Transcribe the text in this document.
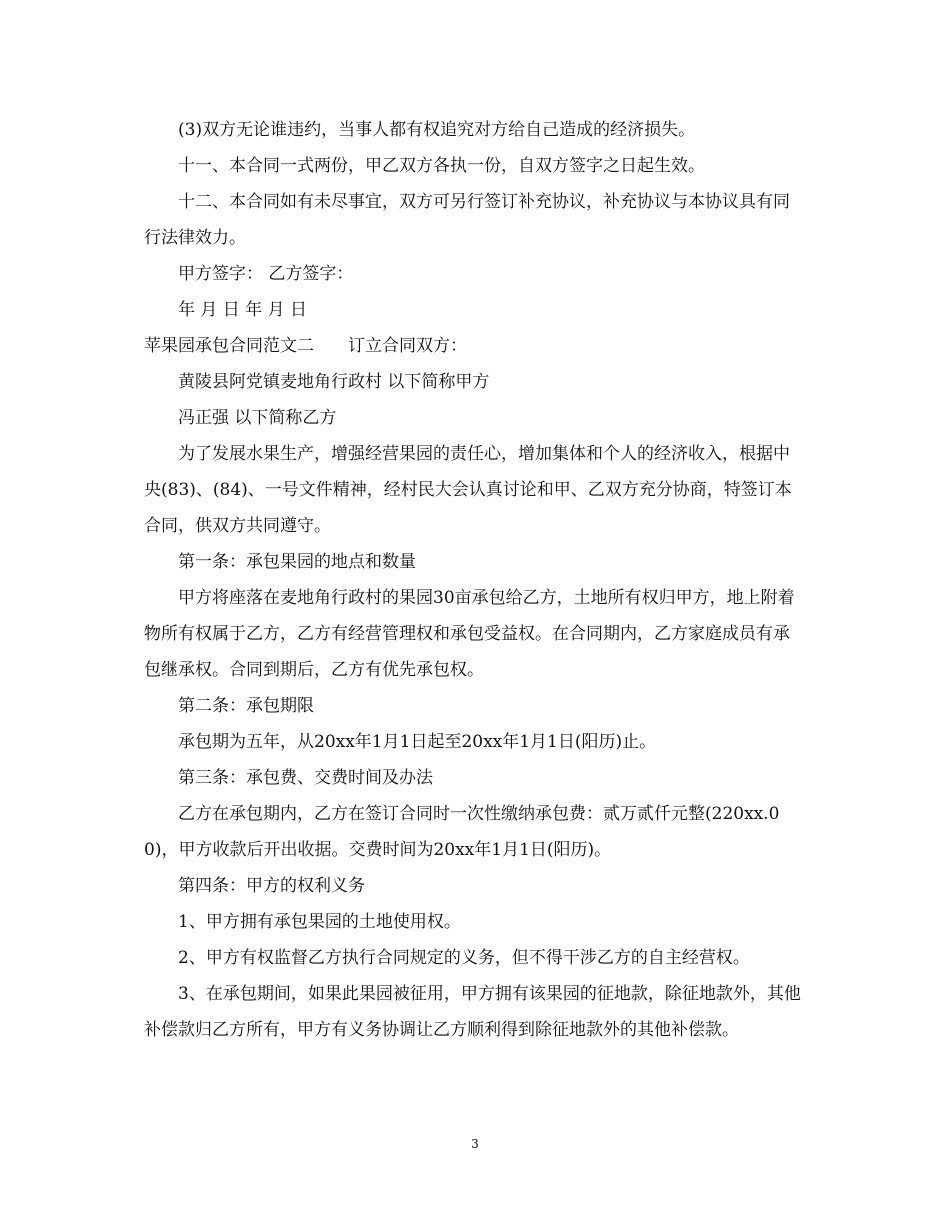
(3)双方无论谁违约，当事人都有权追究对方给自己造成的经济损失。

十一、本合同一式两份，甲乙双方各执一份，自双方签字之日起生效。

十二、本合同如有未尽事宜，双方可另行签订补充协议，补充协议与本协议具有同行法律效力。

甲方签字： 乙方签字：

年 月 日 年 月 日

苹果园承包合同范文二 订立合同双方：

黄陵县阿党镇麦地角行政村 以下简称甲方

冯正强 以下简称乙方

为了发展水果生产，增强经营果园的责任心，增加集体和个人的经济收入，根据中央(83)、(84)、一号文件精神，经村民大会认真讨论和甲、乙双方充分协商，特签订本合同，供双方共同遵守。

第一条：承包果园的地点和数量

甲方将座落在麦地角行政村的果园30亩承包给乙方，土地所有权归甲方，地上附着物所有权属于乙方，乙方有经营管理权和承包受益权。在合同期内，乙方家庭成员有承包继承权。合同到期后，乙方有优先承包权。

第二条：承包期限

承包期为五年，从20xx年1月1日起至20xx年1月1日(阳历)止。

第三条：承包费、交费时间及办法

乙方在承包期内，乙方在签订合同时一次性缴纳承包费：贰万贰仟元整(220xx.00)，甲方收款后开出收据。交费时间为20xx年1月1日(阳历)。

第四条：甲方的权利义务

1、甲方拥有承包果园的土地使用权。

2、甲方有权监督乙方执行合同规定的义务，但不得干涉乙方的自主经营权。

3、在承包期间，如果此果园被征用，甲方拥有该果园的征地款，除征地款外，其他补偿款归乙方所有，甲方有义务协调让乙方顺利得到除征地款外的其他补偿款。

3
